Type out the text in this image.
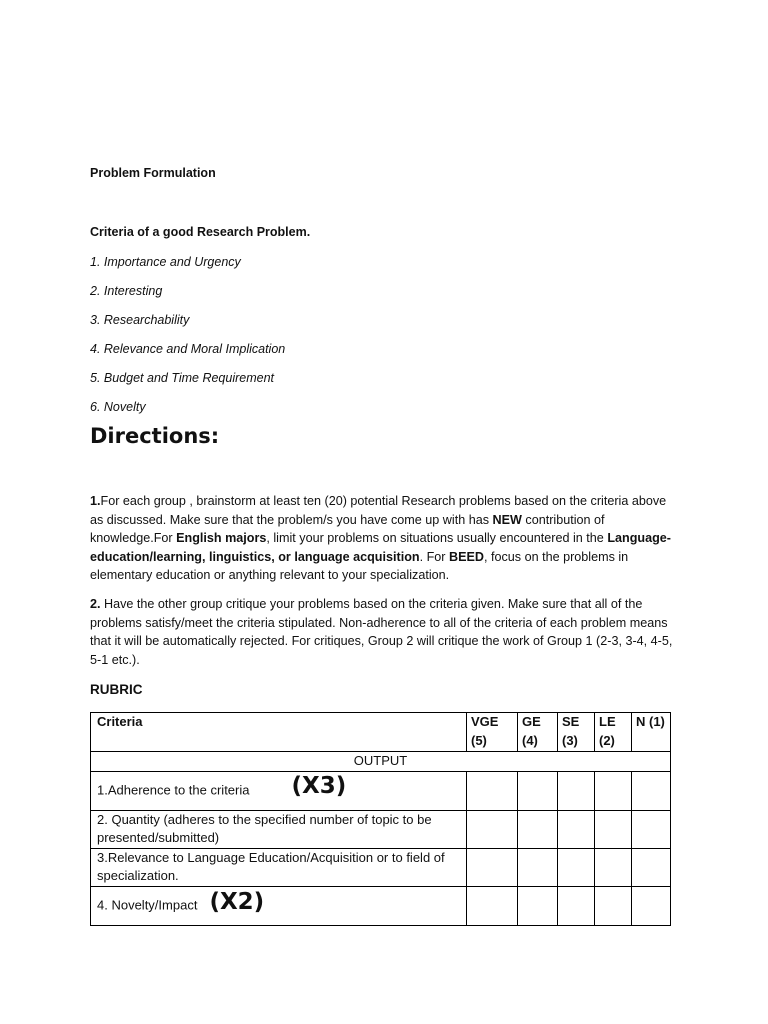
Problem Formulation
Criteria of a good Research Problem.
1. Importance and Urgency
2. Interesting
3. Researchability
4. Relevance and Moral Implication
5. Budget and Time Requirement
6. Novelty
Directions:
1.For each group , brainstorm at least ten (20) potential Research problems based on the criteria above as discussed. Make sure that the problem/s you have come up with has NEW contribution of knowledge.For English majors, limit your problems on situations usually encountered in the Language-education/learning, linguistics, or language acquisition. For BEED, focus on the problems in elementary education or anything relevant to your specialization.
2. Have the other group critique your problems based on the criteria given. Make sure that all of the problems satisfy/meet the criteria stipulated. Non-adherence to all of the criteria of each problem means that it will be automatically rejected. For critiques, Group 2 will critique the work of Group 1 (2-3, 3-4, 4-5, 5-1 etc.).
RUBRIC
Criteria	VGE (5)	GE (4)	SE (3)	LE (2)	N (1)
OUTPUT					
1.Adherence to the criteria (X3)					
2. Quantity (adheres to the specified number of topic to be presented/submitted)					
3.Relevance to Language Education/Acquisition or to field of specialization.					
4. Novelty/Impact (X2)					
